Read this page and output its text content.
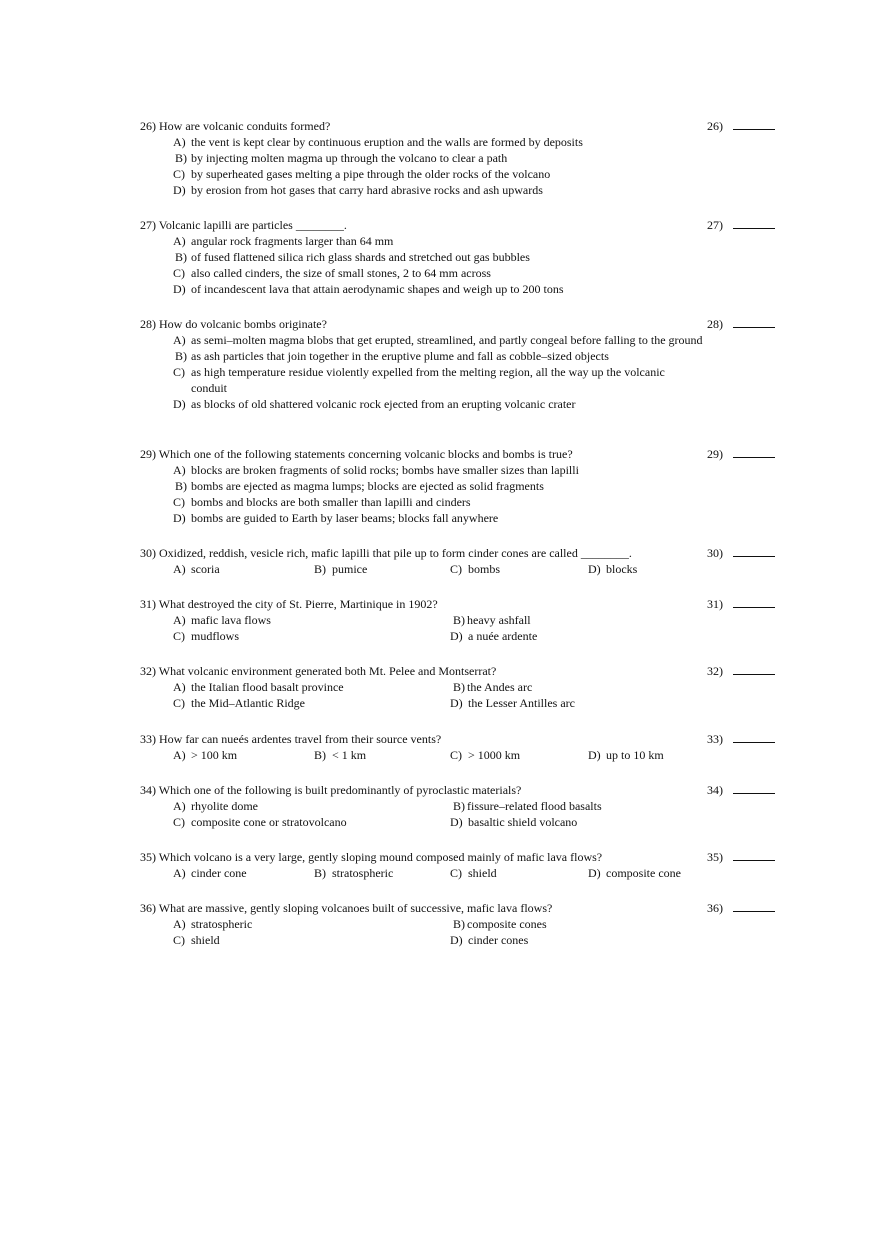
26) How are volcanic conduits formed?	26)
A) the vent is kept clear by continuous eruption and the walls are formed by deposits
B) by injecting molten magma up through the volcano to clear a path
C) by superheated gases melting a pipe through the older rocks of the volcano
D) by erosion from hot gases that carry hard abrasive rocks and ash upwards
27) Volcanic lapilli are particles ________.	27)
A) angular rock fragments larger than 64 mm
B) of fused flattened silica rich glass shards and stretched out gas bubbles
C) also called cinders, the size of small stones, 2 to 64 mm across
D) of incandescent lava that attain aerodynamic shapes and weigh up to 200 tons
28) How do volcanic bombs originate?	28)
A) as semi–molten magma blobs that get erupted, streamlined, and partly congeal before falling to the ground
B) as ash particles that join together in the eruptive plume and fall as cobble–sized objects
C) as high temperature residue violently expelled from the melting region, all the way up the volcanic conduit
D) as blocks of old shattered volcanic rock ejected from an erupting volcanic crater
29) Which one of the following statements concerning volcanic blocks and bombs is true?	29)
A) blocks are broken fragments of solid rocks; bombs have smaller sizes than lapilli
B) bombs are ejected as magma lumps; blocks are ejected as solid fragments
C) bombs and blocks are both smaller than lapilli and cinders
D) bombs are guided to Earth by laser beams; blocks fall anywhere
30) Oxidized, reddish, vesicle rich, mafic lapilli that pile up to form cinder cones are called ________.	30)
A) scoria	B) pumice	C) bombs	D) blocks
31) What destroyed the city of St. Pierre, Martinique in 1902?	31)
A) mafic lava flows	B) heavy ashfall
C) mudflows	D) a nuée ardente
32) What volcanic environment generated both Mt. Pelee and Montserrat?	32)
A) the Italian flood basalt province	B) the Andes arc
C) the Mid–Atlantic Ridge	D) the Lesser Antilles arc
33) How far can nueés ardentes travel from their source vents?	33)
A) > 100 km	B) < 1 km	C) > 1000 km	D) up to 10 km
34) Which one of the following is built predominantly of pyroclastic materials?	34)
A) rhyolite dome	B) fissure–related flood basalts
C) composite cone or stratovolcano	D) basaltic shield volcano
35) Which volcano is a very large, gently sloping mound composed mainly of mafic lava flows?	35)
A) cinder cone	B) stratospheric	C) shield	D) composite cone
36) What are massive, gently sloping volcanoes built of successive, mafic lava flows?	36)
A) stratospheric	B) composite cones
C) shield	D) cinder cones
